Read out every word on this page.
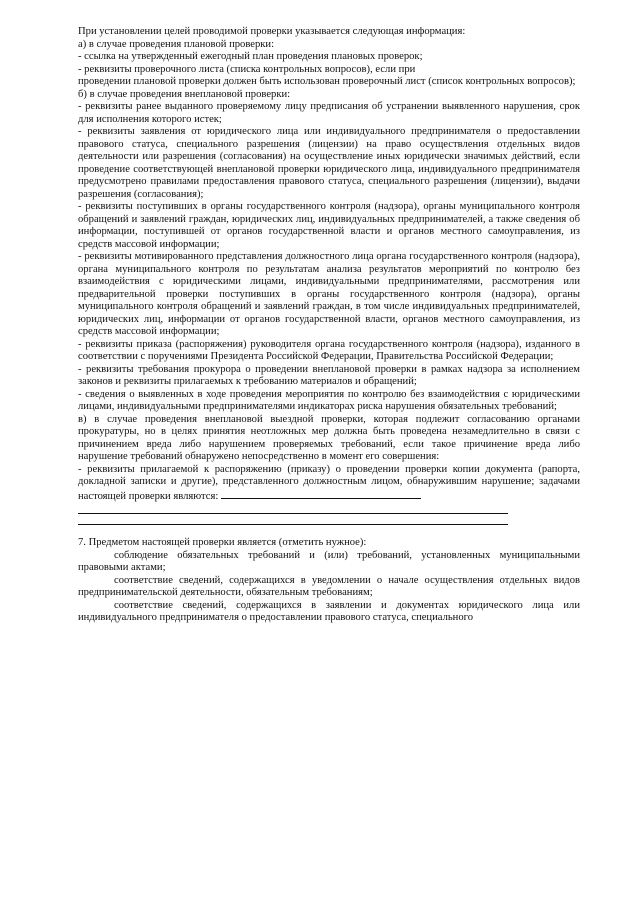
При установлении целей проводимой проверки указывается следующая информация:

а) в случае проведения плановой проверки:

- ссылка на утвержденный ежегодный план проведения плановых проверок;

- реквизиты проверочного листа (списка контрольных вопросов), если при

проведении плановой проверки должен быть использован проверочный лист (список контрольных вопросов);

б) в случае проведения внеплановой проверки:

- реквизиты ранее выданного проверяемому лицу предписания об устранении выявленного нарушения, срок для исполнения которого истек;

- реквизиты заявления от юридического лица или индивидуального предпринимателя о предоставлении правового статуса, специального разрешения (лицензии) на право осуществления отдельных видов деятельности или разрешения (согласования) на осуществление иных юридически значимых действий, если проведение соответствующей внеплановой проверки юридического лица, индивидуального предпринимателя предусмотрено правилами предоставления правового статуса, специального разрешения (лицензии), выдачи разрешения (согласования);

- реквизиты поступивших в органы государственного контроля (надзора), органы муниципального контроля обращений и заявлений граждан, юридических лиц, индивидуальных предпринимателей, а также сведения об информации, поступившей от органов государственной власти и органов местного самоуправления, из средств массовой информации;

- реквизиты мотивированного представления должностного лица органа государственного контроля (надзора), органа муниципального контроля по результатам анализа результатов мероприятий по контролю без взаимодействия с юридическими лицами, индивидуальными предпринимателями, рассмотрения или предварительной проверки поступивших в органы государственного контроля (надзора), органы муниципального контроля обращений и заявлений граждан, в том числе индивидуальных предпринимателей, юридических лиц, информации от органов государственной власти, органов местного самоуправления, из средств массовой информации;

- реквизиты приказа (распоряжения) руководителя органа государственного контроля (надзора), изданного в соответствии с поручениями Президента Российской Федерации, Правительства Российской Федерации;

- реквизиты требования прокурора о проведении внеплановой проверки в рамках надзора за исполнением законов и реквизиты прилагаемых к требованию материалов и обращений;

- сведения о выявленных в ходе проведения мероприятия по контролю без взаимодействия с юридическими лицами, индивидуальными предпринимателями индикаторах риска нарушения обязательных требований;

в) в случае проведения внеплановой выездной проверки, которая подлежит согласованию органами прокуратуры, но в целях принятия неотложных мер должна быть проведена незамедлительно в связи с причинением вреда либо нарушением проверяемых требований, если такое причинение вреда либо нарушение требований обнаружено непосредственно в момент его совершения:

- реквизиты прилагаемой к распоряжению (приказу) о проведении проверки копии документа (рапорта, докладной записки и другие), представленного должностным лицом, обнаружившим нарушение; задачами настоящей проверки являются:

7. Предметом настоящей проверки является (отметить нужное):

соблюдение обязательных требований и (или) требований, установленных муниципальными правовыми актами;

соответствие сведений, содержащихся в уведомлении о начале осуществления отдельных видов предпринимательской деятельности, обязательным требованиям;

соответствие сведений, содержащихся в заявлении и документах юридического лица или индивидуального предпринимателя о предоставлении правового статуса, специального
